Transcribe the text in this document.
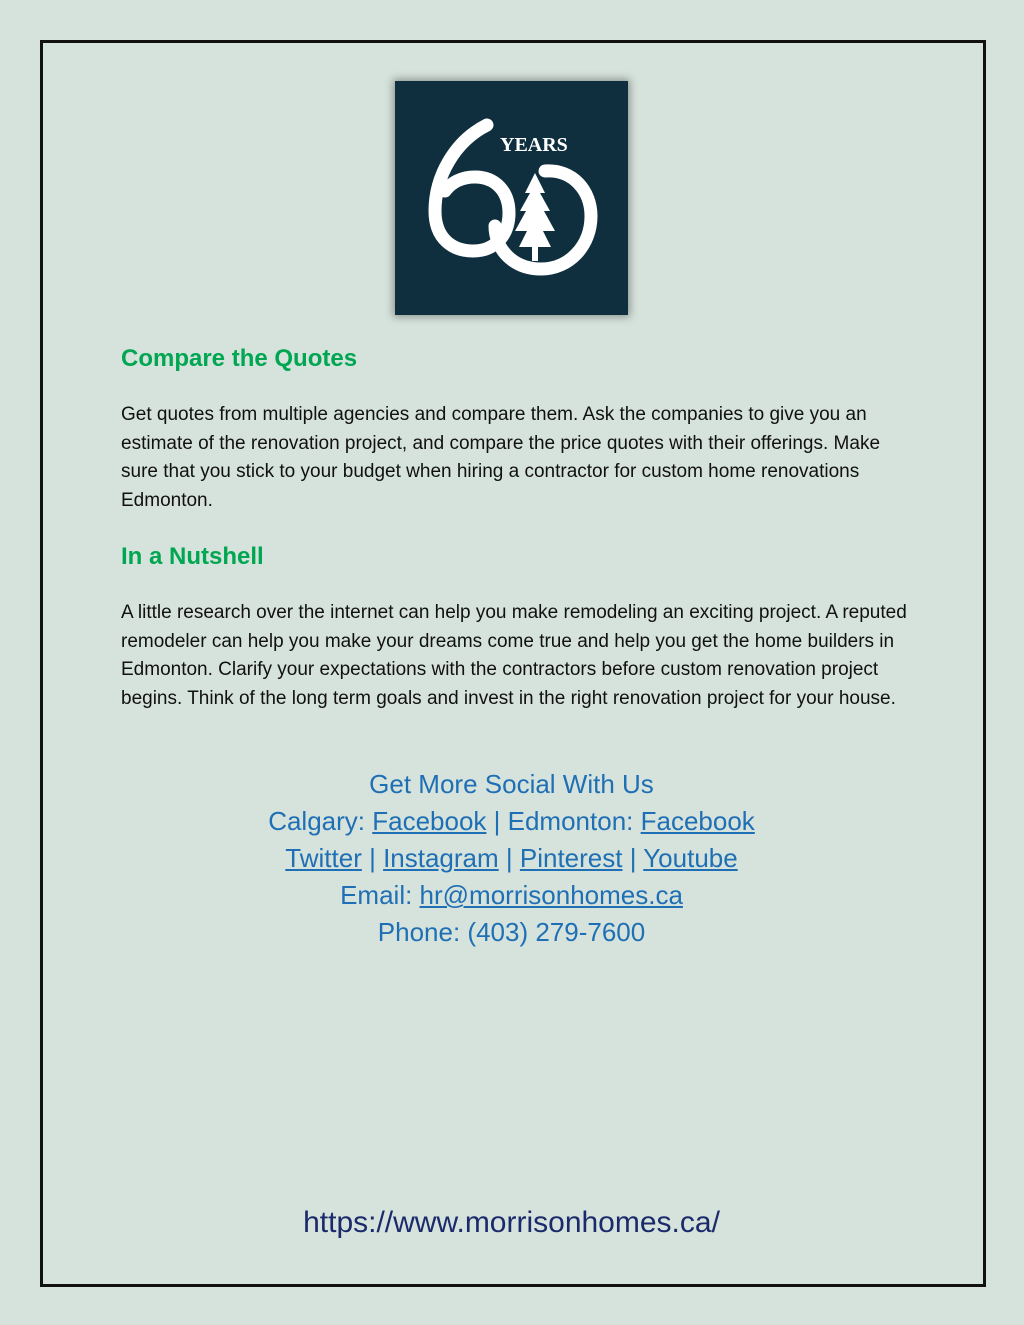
YEARS
Compare the Quotes

Get quotes from multiple agencies and compare them. Ask the companies to give you an estimate of the renovation project, and compare the price quotes with their offerings. Make sure that you stick to your budget when hiring a contractor for custom home renovations Edmonton.

In a Nutshell

A little research over the internet can help you make remodeling an exciting project. A reputed remodeler can help you make your dreams come true and help you get the home builders in Edmonton. Clarify your expectations with the contractors before custom renovation project begins. Think of the long term goals and invest in the right renovation project for your house.

Get More Social With Us
Calgary: Facebook | Edmonton: Facebook
Twitter | Instagram | Pinterest | Youtube
Email: hr@morrisonhomes.ca
Phone: (403) 279-7600
https://www.morrisonhomes.ca/
